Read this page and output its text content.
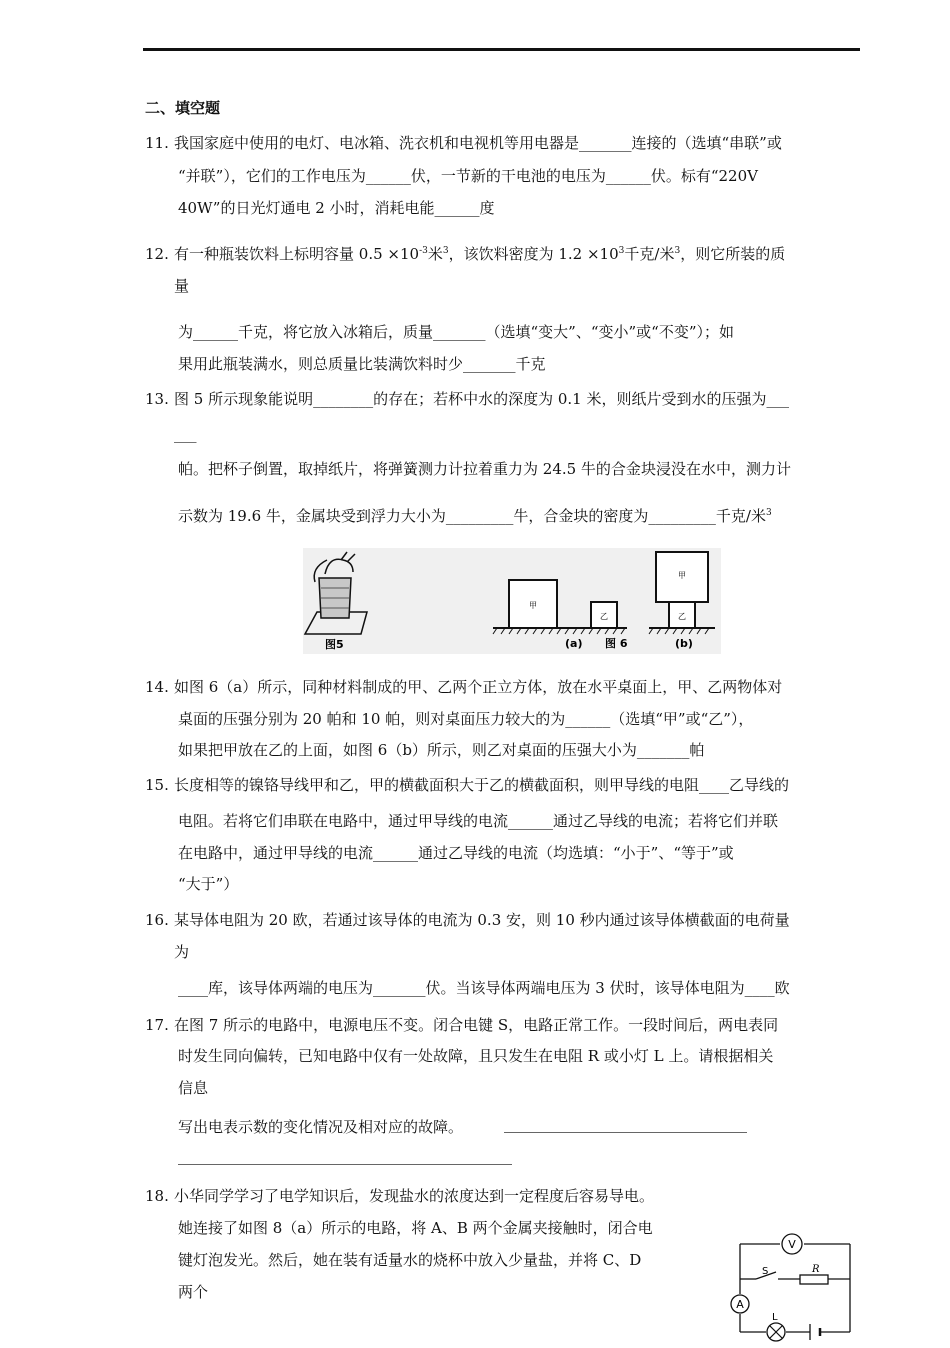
二、填空题
11. 我国家庭中使用的电灯、电冰箱、洗衣机和电视机等用电器是_______连接的（选填“串联”或
“并联”），它们的工作电压为______伏，一节新的干电池的电压为______伏。标有“220V
40W”的日光灯通电 2 小时，消耗电能______度
12. 有一种瓶装饮料上标明容量 $0.5 \times 10^{-3}$米$^3$，该饮料密度为 $1.2 \times 10^3$千克/米$^3$，则它所装的质
量
为______千克，将它放入冰箱后，质量_______（选填“变大”、“变小”或“不变”）；如
果用此瓶装满水，则总质量比装满饮料时少_______千克
13. 图 5 所示现象能说明________的存在；若杯中水的深度为 0.1 米，则纸片受到水的压强为___
___
帕。把杯子倒置，取掉纸片，将弹簧测力计拉着重力为 24.5 牛的合金块浸没在水中，测力计
示数为 19.6 牛，金属块受到浮力大小为_________牛，合金块的密度为_________千克/米$^3$
图5
甲
乙
(a) 图 6
乙
甲
(b)
14. 如图 6（a）所示，同种材料制成的甲、乙两个正立方体，放在水平桌面上，甲、乙两物体对
桌面的压强分别为 20 帕和 10 帕，则对桌面压力较大的为______（选填“甲”或“乙”），
如果把甲放在乙的上面，如图 6（b）所示，则乙对桌面的压强大小为_______帕
15. 长度相等的镍铬导线甲和乙，甲的横截面积大于乙的横截面积，则甲导线的电阻____乙导线的
电阻。若将它们串联在电路中，通过甲导线的电流______通过乙导线的电流；若将它们并联
在电路中，通过甲导线的电流______通过乙导线的电流（均选填：“小于”、“等于”或
“大于”）
16. 某导体电阻为 20 欧，若通过该导体的电流为 0.3 安，则 10 秒内通过该导体横截面的电荷量
为
____库，该导体两端的电压为_______伏。当该导体两端电压为 3 伏时，该导体电阻为____欧
17. 在图 7 所示的电路中，电源电压不变。闭合电键 S，电路正常工作。一段时间后，两电表同
时发生同向偏转，已知电路中仅有一处故障，且只发生在电阻 R 或小灯 L 上。请根据相关
信息
写出电表示数的变化情况及相对应的故障。
18. 小华同学学习了电学知识后，发现盐水的浓度达到一定程度后容易导电。
她连接了如图 8（a）所示的电路，将 A、B 两个金属夹接触时，闭合电
键灯泡发光。然后，她在装有适量水的烧杯中放入少量盐，并将 C、D
两个
V
A
S	R
L
